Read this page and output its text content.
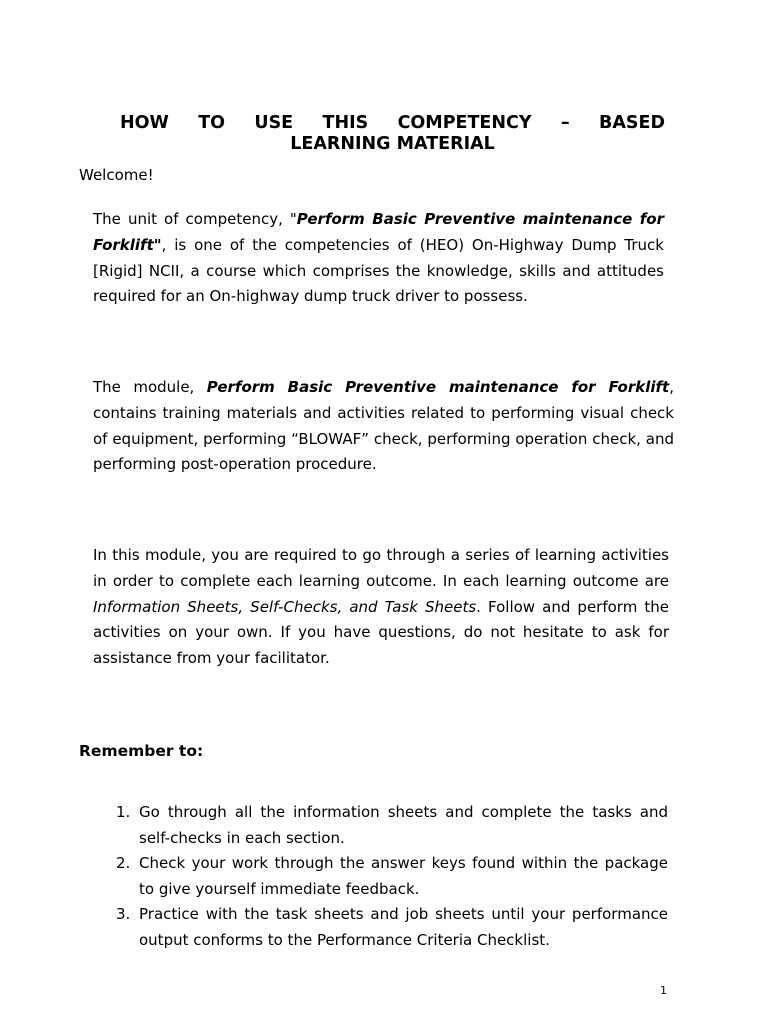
HOW TO USE THIS COMPETENCY – BASED
LEARNING MATERIAL
Welcome!

The unit of competency, "Perform Basic Preventive maintenance for Forklift", is one of the competencies of (HEO) On-Highway Dump Truck [Rigid] NCII, a course which comprises the knowledge, skills and attitudes required for an On-highway dump truck driver to possess.

The module, Perform Basic Preventive maintenance for Forklift, contains training materials and activities related to performing visual check of equipment, performing “BLOWAF” check, performing operation check, and performing post-operation procedure.

In this module, you are required to go through a series of learning activities in order to complete each learning outcome. In each learning outcome are Information Sheets, Self-Checks, and Task Sheets. Follow and perform the activities on your own. If you have questions, do not hesitate to ask for assistance from your facilitator.

Remember to:
1. Go through all the information sheets and complete the tasks and self-checks in each section.
2. Check your work through the answer keys found within the package to give yourself immediate feedback.
3. Practice with the task sheets and job sheets until your performance output conforms to the Performance Criteria Checklist.
1
